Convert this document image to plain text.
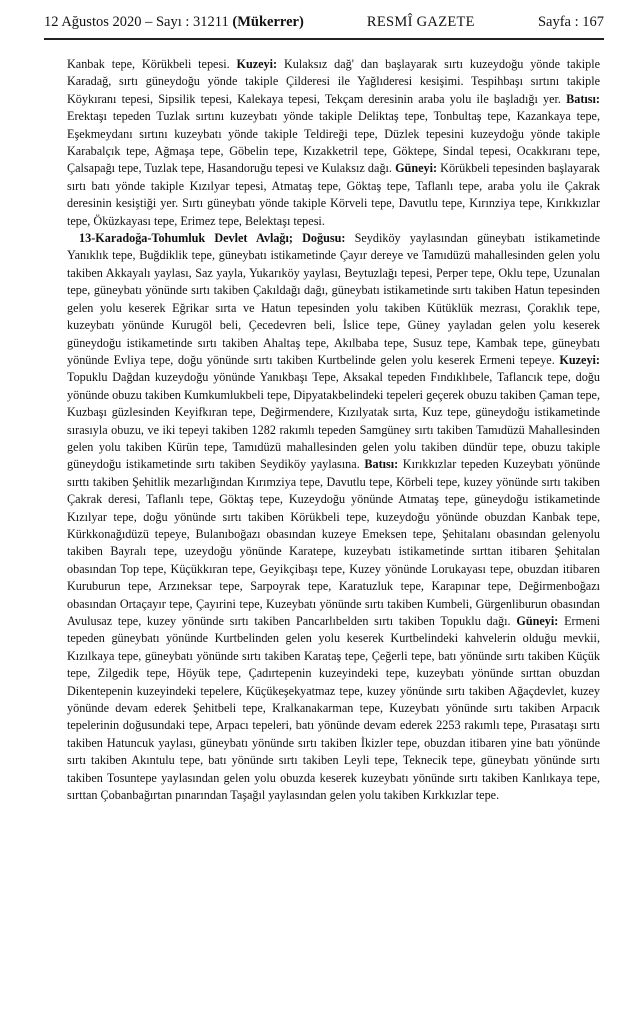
12 Ağustos 2020 – Sayı : 31211 (Mükerrer)	RESMÎ GAZETE	Sayfa : 167

Kanbak tepe, Körükbeli tepesi. Kuzeyi: Kulaksız dağ' dan başlayarak sırtı kuzeydoğu yönde takiple Karadağ, sırtı güneydoğu yönde takiple Çilderesi ile Yağlıderesi kesişimi. Tespihbaşı sırtını takiple Köykıranı tepesi, Sipsilik tepesi, Kalekaya tepesi, Tekçam deresinin araba yolu ile başladığı yer. Batısı: Erektaşı tepeden Tuzlak sırtını kuzeybatı yönde takiple Deliktaş tepe, Tonbultaş tepe, Kazankaya tepe, Eşekmeydanı sırtını kuzeybatı yönde takiple Teldireği tepe, Düzlek tepesini kuzeydoğu yönde takiple Karabalçık tepe, Ağmaşa tepe, Göbelin tepe, Kızakketril tepe, Göktepe, Sindal tepesi, Ocakkıranı tepe, Çalsapağı tepe, Tuzlak tepe, Hasandoruğu tepesi ve Kulaksız dağı. Güneyi: Körükbeli tepesinden başlayarak sırtı batı yönde takiple Kızılyar tepesi, Atmataş tepe, Göktaş tepe, Taflanlı tepe, araba yolu ile Çakrak deresinin kesiştiği yer. Sırtı güneybatı yönde takiple Körveli tepe, Davutlu tepe, Kırınziya tepe, Kırıkkızlar tepe, Öküzkayası tepe, Erimez tepe, Belektaşı tepesi.

13-Karadoğa-Tohumluk Devlet Avlağı; Doğusu: Seydiköy yaylasından güneybatı istikametinde Yanıklık tepe, Buğdiklik tepe, güneybatı istikametinde Çayır dereye ve Tamıdüzü mahallesinden gelen yolu takiben Akkayalı yaylası, Saz yayla, Yukarıköy yaylası, Beytuzlağı tepesi, Perper tepe, Oklu tepe, Uzunalan tepe, güneybatı yönünde sırtı takiben Çakıldağı dağı, güneybatı istikametinde sırtı takiben Hatun tepesinden gelen yolu keserek Eğrikar sırta ve Hatun tepesinden yolu takiben Kütüklük mezrası, Çoraklık tepe, kuzeybatı yönünde Kurugöl beli, Çecedevren beli, İslice tepe, Güney yayladan gelen yolu keserek güneydoğu istikametinde sırtı takiben Ahaltaş tepe, Akılbaba tepe, Susuz tepe, Kambak tepe, güneybatı yönünde Evliya tepe, doğu yönünde sırtı takiben Kurtbelinde gelen yolu keserek Ermeni tepeye. Kuzeyi: Topuklu Dağdan kuzeydoğu yönünde Yanıkbaşı Tepe, Aksakal tepeden Fındıklıbele, Taflancık tepe, doğu yönünde obuzu takiben Kumkumlukbeli tepe, Dipyatakbelindeki tepeleri geçerek obuzu takiben Çaman tepe, Kuzbaşı güzlesinden Keyifkıran tepe, Değirmendere, Kızılyatak sırta, Kuz tepe, güneydoğu istikametinde sırasıyla obuzu, ve iki tepeyi takiben 1282 rakımlı tepeden Samgüney sırtı takiben Tamıdüzü Mahallesinden gelen yolu takiben Kürün tepe, Tamıdüzü mahallesinden gelen yolu takiben dündür tepe, obuzu takiple güneydoğu istikametinde sırtı takiben Seydiköy yaylasına. Batısı: Kırıkkızlar tepeden Kuzeybatı yönünde sırttı takiben Şehitlik mezarlığından Kırımziya tepe, Davutlu tepe, Körbeli tepe, kuzey yönünde sırtı takiben Çakrak deresi, Taflanlı tepe, Göktaş tepe, Kuzeydoğu yönünde Atmataş tepe, güneydoğu istikametinde Kızılyar tepe, doğu yönünde sırtı takiben Körükbeli tepe, kuzeydoğu yönünde obuzdan Kanbak tepe, Kürkkonağıdüzü tepeye, Bulanıboğazı obasından kuzeye Emeksen tepe, Şehitalanı obasından gelenyolu takiben Bayralı tepe, uzeydoğu yönünde Karatepe, kuzeybatı istikametinde sırttan itibaren Şehitalan obasından Top tepe, Küçükkıran tepe, Geyikçibaşı tepe, Kuzey yönünde Lorukayası tepe, obuzdan itibaren Kuruburun tepe, Arzıneksar tepe, Sarpoyrak tepe, Karatuzluk tepe, Karapınar tepe, Değirmenboğazı obasından Ortaçayır tepe, Çayırini tepe, Kuzeybatı yönünde sırtı takiben Kumbeli, Gürgenliburun obasından Avulusaz tepe, kuzey yönünde sırtı takiben Pancarlıbelden sırtı takiben Topuklu dağı. Güneyi: Ermeni tepeden güneybatı yönünde Kurtbelinden gelen yolu keserek Kurtbelindeki kahvelerin olduğu mevkii, Kızılkaya tepe, güneybatı yönünde sırtı takiben Karataş tepe, Çeğerli tepe, batı yönünde sırtı takiben Küçük tepe, Zilgedik tepe, Höyük tepe, Çadırtepenin kuzeyindeki tepe, kuzeybatı yönünde sırttan obuzdan Dikentepenin kuzeyindeki tepelere, Küçükeşekyatmaz tepe, kuzey yönünde sırtı takiben Ağaçdevlet, kuzey yönünde devam ederek Şehitbeli tepe, Kralkanakarman tepe, Kuzeybatı yönünde sırtı takiben Arpacık tepelerinin doğusundaki tepe, Arpacı tepeleri, batı yönünde devam ederek 2253 rakımlı tepe, Pırasataşı sırtı takiben Hatuncuk yaylası, güneybatı yönünde sırtı takiben İkizler tepe, obuzdan itibaren yine batı yönünde sırtı takiben Akıntulu tepe, batı yönünde sırtı takiben Leyli tepe, Teknecik tepe, güneybatı yönünde sırtı takiben Tosuntepe yaylasından gelen yolu obuzda keserek kuzeybatı yönünde sırtı takiben Kanlıkaya tepe, sırttan Çobanbağırtan pınarından Taşağıl yaylasından gelen yolu takiben Kırkkızlar tepe.
